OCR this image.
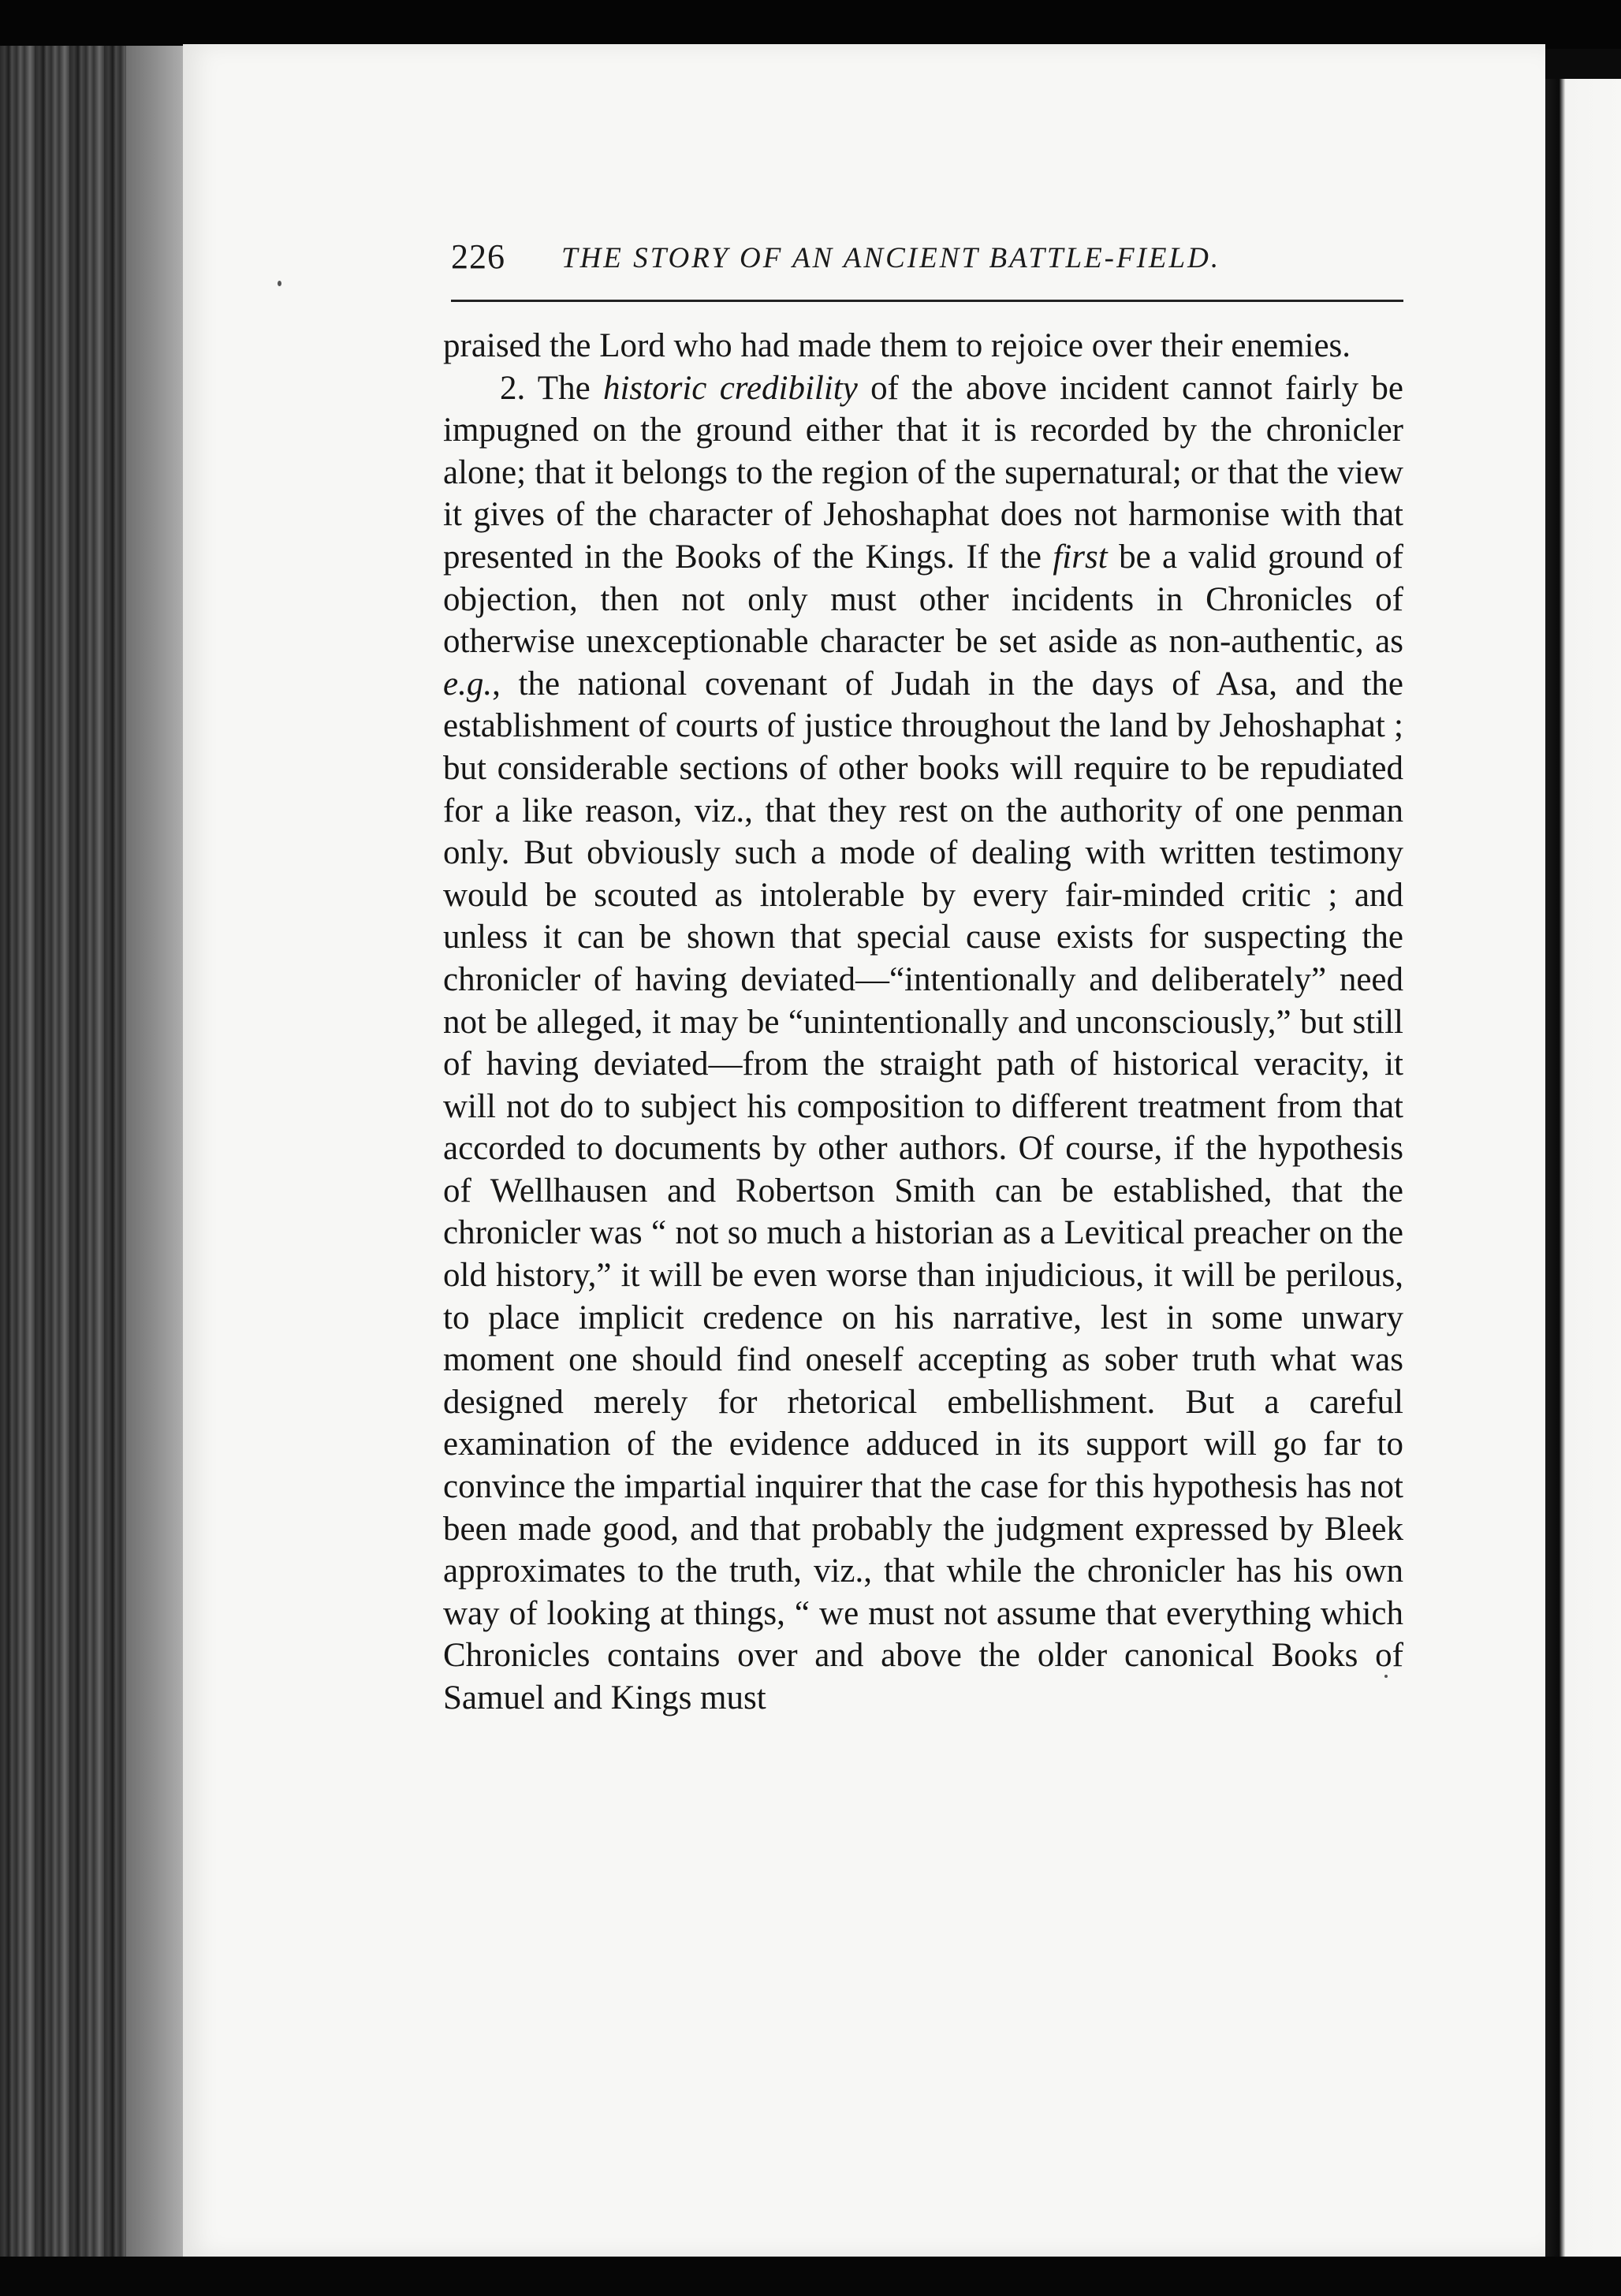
226 THE STORY OF AN ANCIENT BATTLE-FIELD.

praised the Lord who had made them to rejoice over their enemies.

2. The historic credibility of the above incident cannot fairly be impugned on the ground either that it is recorded by the chronicler alone; that it belongs to the region of the supernatural; or that the view it gives of the character of Jehoshaphat does not harmonise with that presented in the Books of the Kings. If the first be a valid ground of objection, then not only must other incidents in Chronicles of otherwise unexceptionable character be set aside as non-authentic, as e.g., the national covenant of Judah in the days of Asa, and the establishment of courts of justice throughout the land by Jehoshaphat ; but considerable sections of other books will require to be repudiated for a like reason, viz., that they rest on the authority of one penman only. But obviously such a mode of dealing with written testimony would be scouted as intolerable by every fair-minded critic ; and unless it can be shown that special cause exists for suspecting the chronicler of having deviated—“intentionally and deliberately” need not be alleged, it may be “unintentionally and unconsciously,” but still of having deviated—from the straight path of historical veracity, it will not do to subject his composition to different treatment from that accorded to documents by other authors. Of course, if the hypothesis of Wellhausen and Robertson Smith can be established, that the chronicler was “ not so much a historian as a Levitical preacher on the old history,” it will be even worse than injudicious, it will be perilous, to place implicit credence on his narrative, lest in some unwary moment one should find oneself accepting as sober truth what was designed merely for rhetorical embellishment. But a careful examination of the evidence adduced in its support will go far to convince the impartial inquirer that the case for this hypothesis has not been made good, and that probably the judgment expressed by Bleek approximates to the truth, viz., that while the chronicler has his own way of looking at things, “ we must not assume that everything which Chronicles contains over and above the older canonical Books of Samuel and Kings must
